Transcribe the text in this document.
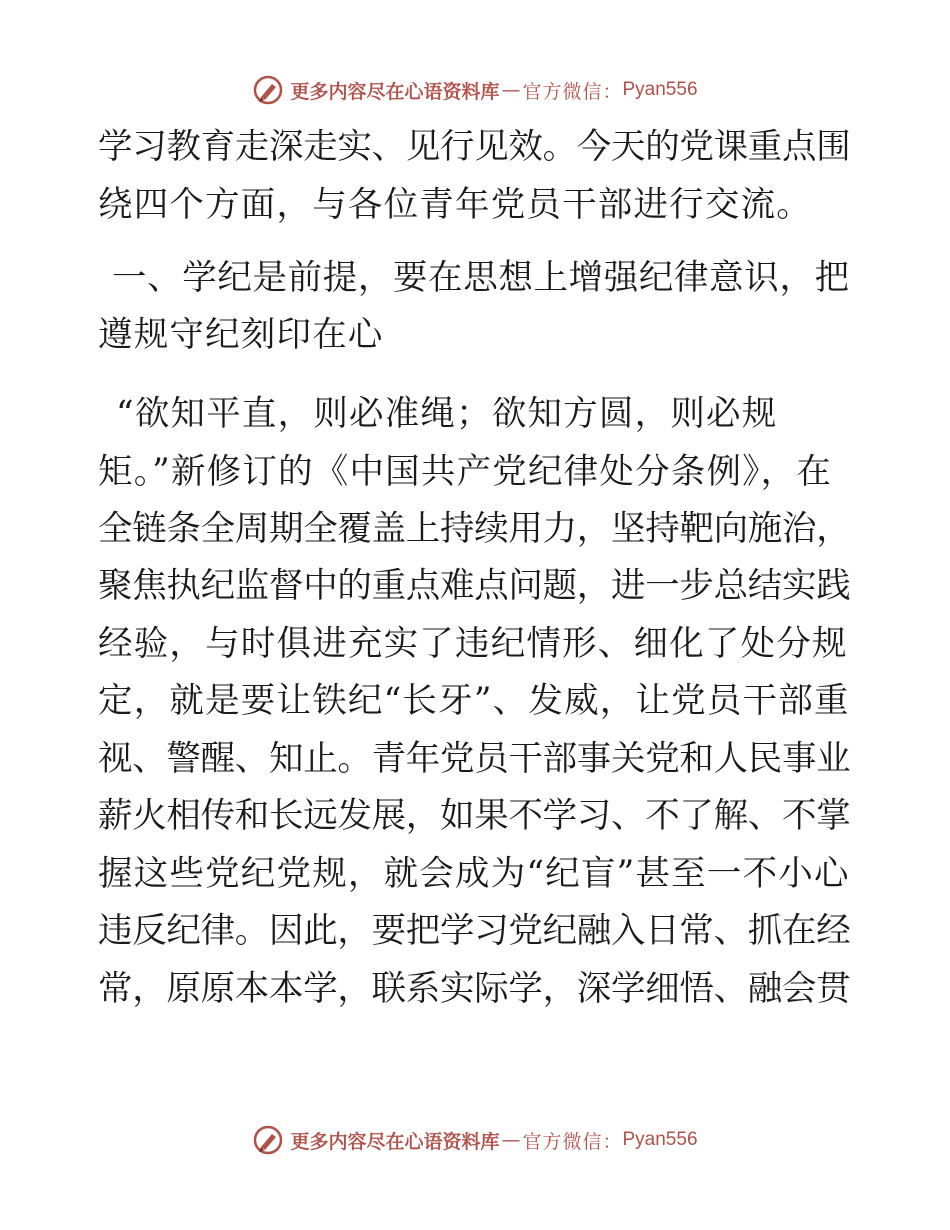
更多内容尽在心语资料库 — 官方微信： Pyan556
学习教育走深走实、见行见效。今天的党课重点围
绕四个方面，与各位青年党员干部进行交流。
一、学纪是前提，要在思想上增强纪律意识，把
遵规守纪刻印在心
“欲知平直，则必准绳；欲知方圆，则必规
矩。”新修订的《中国共产党纪律处分条例》，在
全链条全周期全覆盖上持续用力，坚持靶向施治，
聚焦执纪监督中的重点难点问题，进一步总结实践
经验，与时俱进充实了违纪情形、细化了处分规
定，就是要让铁纪“长牙”、发威，让党员干部重
视、警醒、知止。青年党员干部事关党和人民事业
薪火相传和长远发展，如果不学习、不了解、不掌
握这些党纪党规，就会成为“纪盲”甚至一不小心
违反纪律。因此，要把学习党纪融入日常、抓在经
常，原原本本学，联系实际学，深学细悟、融会贯
更多内容尽在心语资料库 — 官方微信： Pyan556
